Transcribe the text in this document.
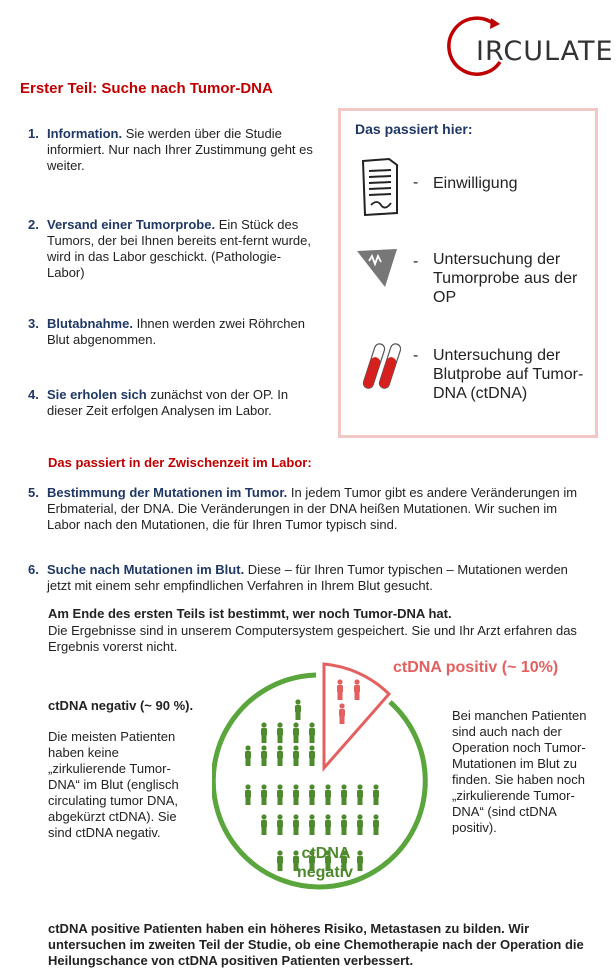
IRCULATE
Erster Teil: Suche nach Tumor-DNA
1. Information. Sie werden über die Studie informiert. Nur nach Ihrer Zustimmung geht es weiter.
2. Versand einer Tumorprobe. Ein Stück des Tumors, der bei Ihnen bereits ent-fernt wurde, wird in das Labor geschickt. (Pathologie-Labor)
3. Blutabnahme. Ihnen werden zwei Röhrchen Blut abgenommen.
4. Sie erholen sich zunächst von der OP. In dieser Zeit erfolgen Analysen im Labor.
Das passiert hier:
- Einwilligung
- Untersuchung der Tumorprobe aus der OP
- Untersuchung der Blutprobe auf Tumor-DNA (ctDNA)
Das passiert in der Zwischenzeit im Labor:
5. Bestimmung der Mutationen im Tumor. In jedem Tumor gibt es andere Veränderungen im Erbmaterial, der DNA. Die Veränderungen in der DNA heißen Mutationen. Wir suchen im Labor nach den Mutationen, die für Ihren Tumor typisch sind.
6. Suche nach Mutationen im Blut. Diese – für Ihren Tumor typischen – Mutationen werden jetzt mit einem sehr empfindlichen Verfahren in Ihrem Blut gesucht.
Am Ende des ersten Teils ist bestimmt, wer noch Tumor-DNA hat.
Die Ergebnisse sind in unserem Computersystem gespeichert. Sie und Ihr Arzt erfahren das Ergebnis vorerst nicht.
ctDNA negativ (~ 90 %).
Die meisten Patienten haben keine „zirkulierende Tumor-DNA“ im Blut (englisch circulating tumor DNA, abgekürzt ctDNA). Sie sind ctDNA negativ.
ctDNA positiv (~ 10%)
Bei manchen Patienten sind auch nach der Operation noch Tumor-Mutationen im Blut zu finden. Sie haben noch „zirkulierende Tumor-DNA“ (sind ctDNA positiv).
ctDNA
negativ
ctDNA positive Patienten haben ein höheres Risiko, Metastasen zu bilden. Wir untersuchen im zweiten Teil der Studie, ob eine Chemotherapie nach der Operation die Heilungschance von ctDNA positiven Patienten verbessert.
